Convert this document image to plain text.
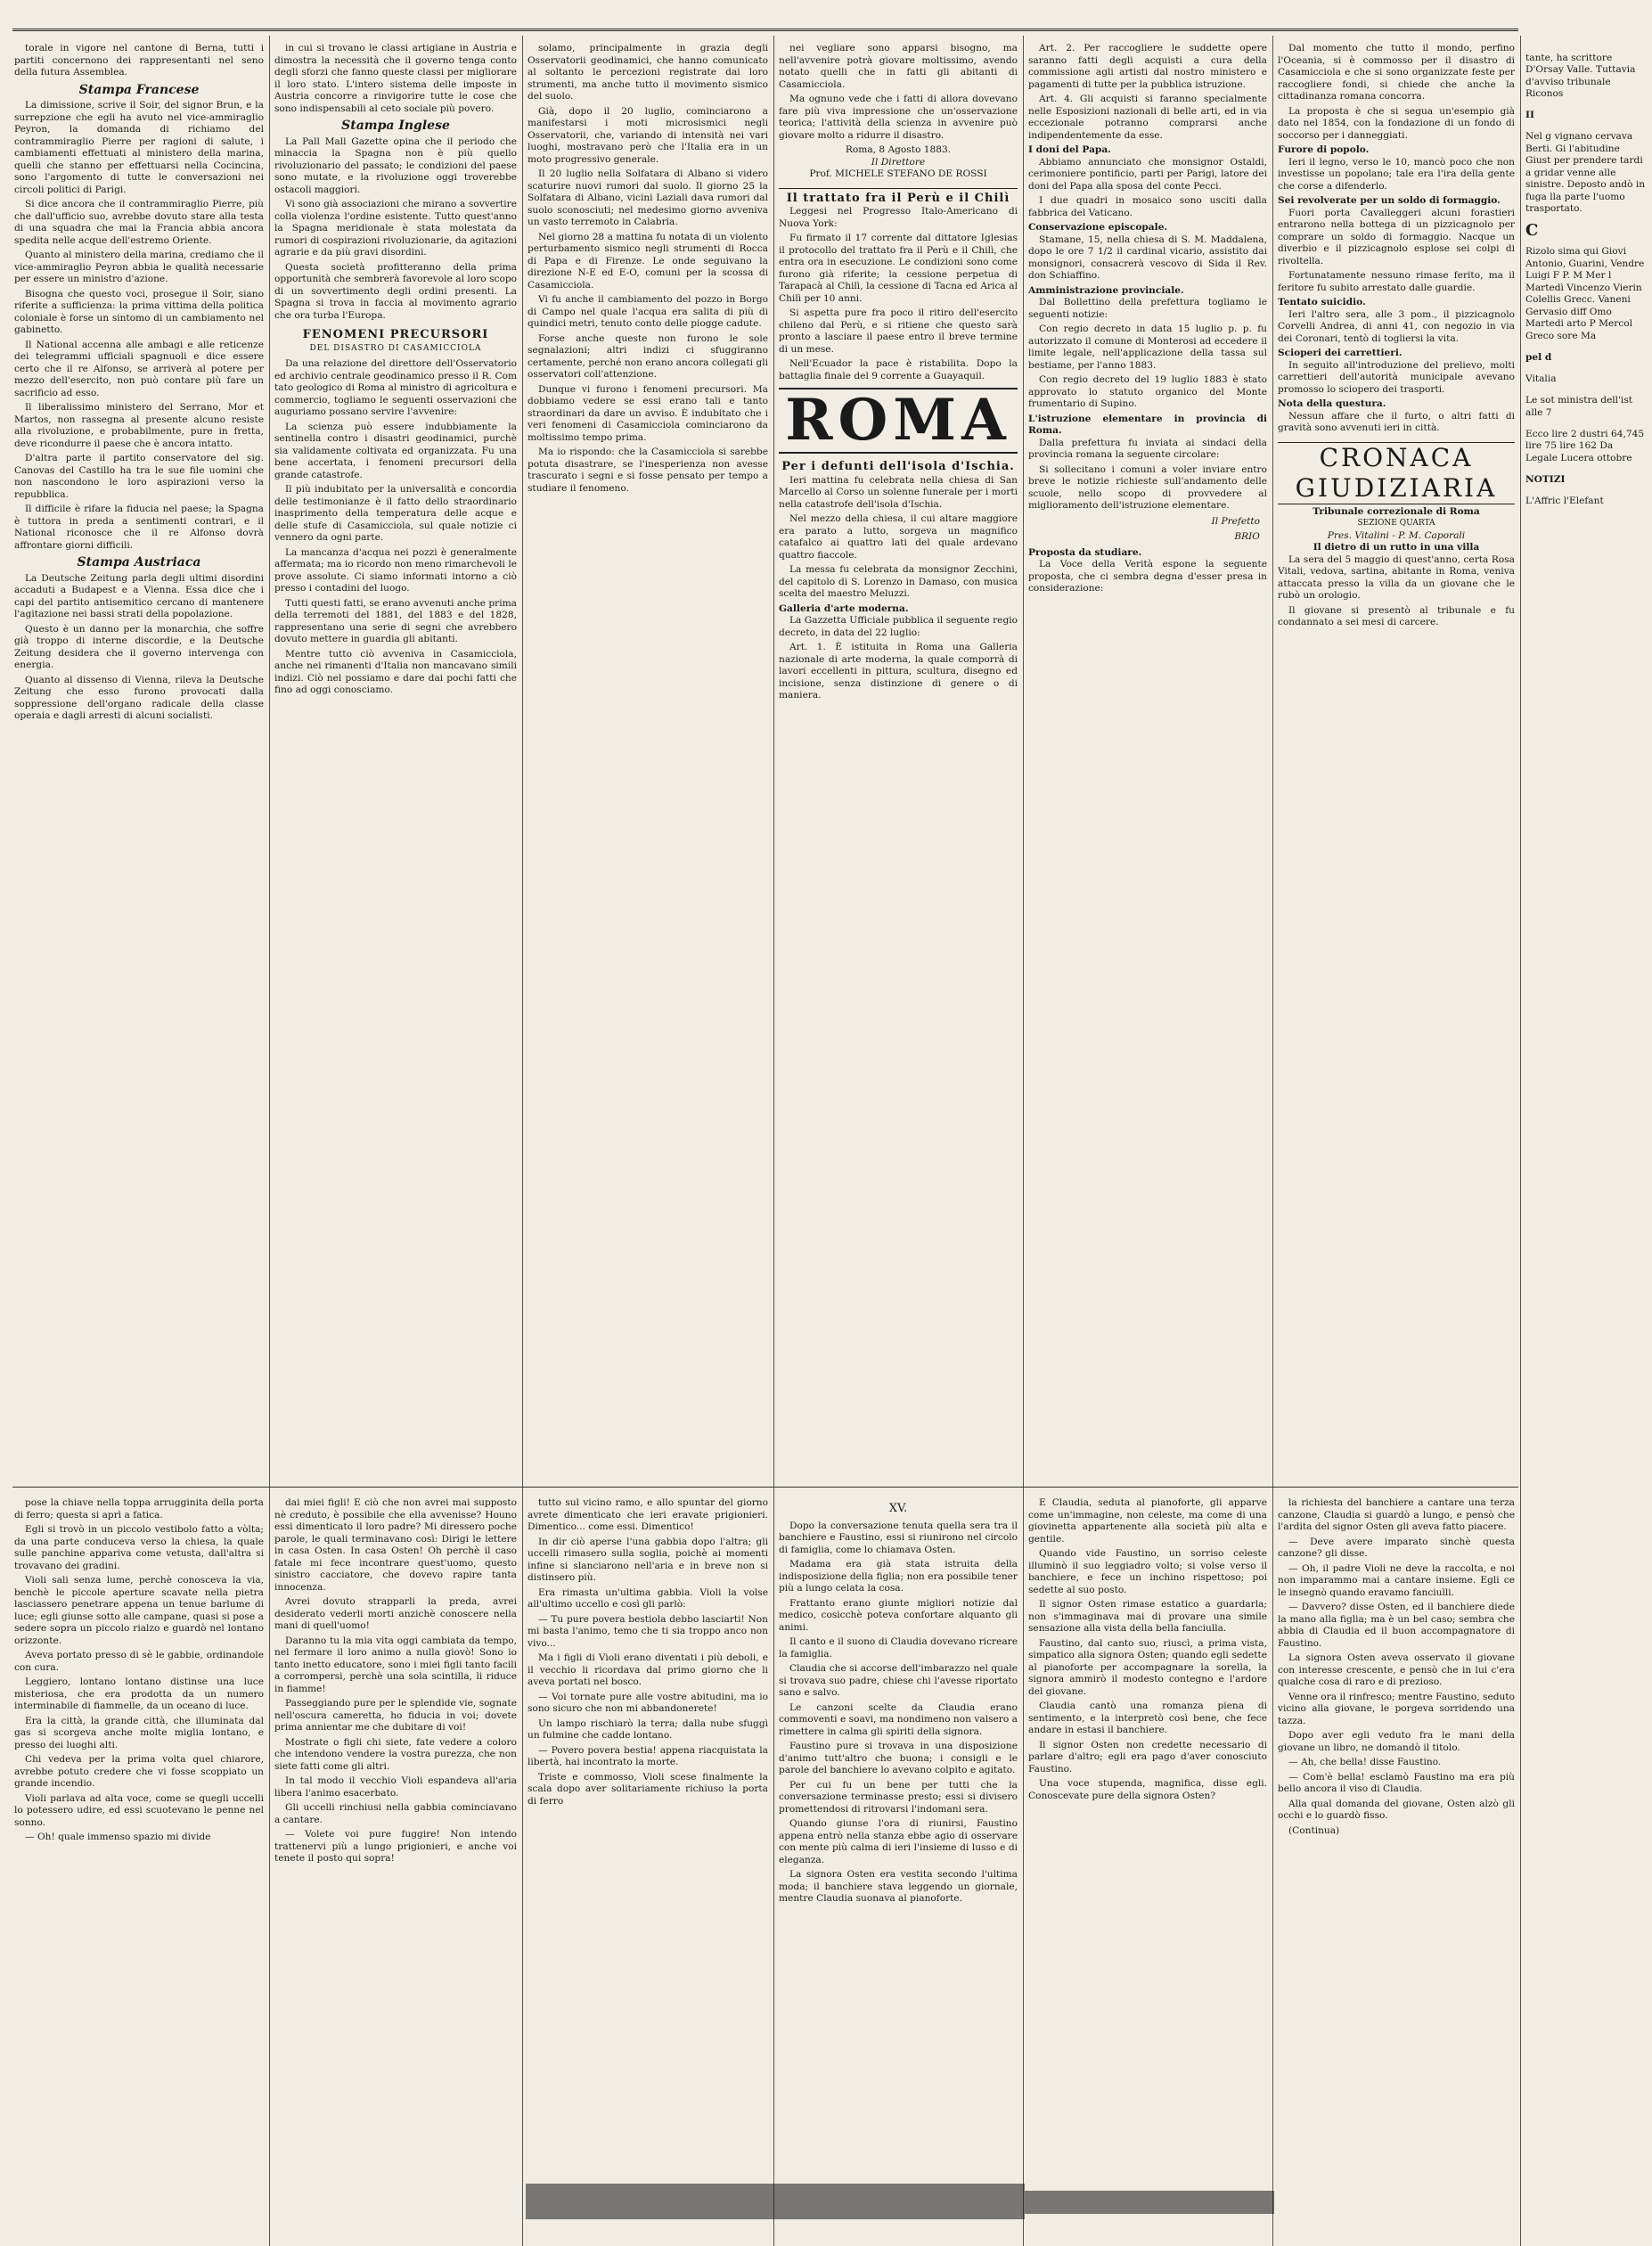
torale in vigore nel cantone di Berna, tutti i partiti concernono dei rappresentanti nel seno della futura Assemblea.

Stampa Francese

La dimissione, scrive il Soir, del signor Brun, e la surrepzione che egli ha avuto nel vice-ammiraglio Peyron, la domanda di richiamo del contrammiraglio Pierre per ragioni di salute, i cambiamenti effettuati al ministero della marina, quelli che stanno per effettuarsi nella Cocincina, sono l'argomento di tutte le conversazioni nei circoli politici di Parigi.

Si dice ancora che il contrammiraglio Pierre, più che dall'ufficio suo, avrebbe dovuto stare alla testa di una squadra che mai la Francia abbia ancora spedita nelle acque dell'estremo Oriente.

Quanto al ministero della marina, crediamo che il vice-ammiraglio Peyron abbia le qualità necessarie per essere un ministro d'azione.

Bisogna che questo voci, prosegue il Soir, siano riferite a sufficienza: la prima vittima della politica coloniale è forse un sintomo di un cambiamento nel gabinetto.

Il National accenna alle ambagi e alle reticenze dei telegrammi ufficiali spagnuoli e dice essere certo che il re Alfonso, se arriverà al potere per mezzo dell'esercito, non può contare più fare un sacrificio ad esso.

Il liberalissimo ministero del Serrano, Mor et Martos, non rassegna al presente alcuno resiste alla rivoluzione, e probabilmente, pure in fretta, deve ricondurre il paese che è ancora intatto.

D'altra parte il partito conservatore del sig. Canovas del Castillo ha tra le sue file uomini che non nascondono le loro aspirazioni verso la repubblica.

Il difficile è rifare la fiducia nel paese; la Spagna è tuttora in preda a sentimenti contrari, e il National riconosce che il re Alfonso dovrà affrontare giorni difficili.

Stampa Austriaca

La Deutsche Zeitung parla degli ultimi disordini accaduti a Budapest e a Vienna. Essa dice che i capi del partito antisemitico cercano di mantenere l'agitazione nei bassi strati della popolazione.

Questo è un danno per la monarchia, che soffre già troppo di interne discordie, e la Deutsche Zeitung desidera che il governo intervenga con energia.

Quanto al dissenso di Vienna, rileva la Deutsche Zeitung che esso furono provocati dalla soppressione dell'organo radicale della classe operaia e dagli arresti di alcuni socialisti.

in cui si trovano le classi artigiane in Austria e dimostra la necessità che il governo tenga conto degli sforzi che fanno queste classi per migliorare il loro stato. L'intero sistema delle imposte in Austria concorre a rinvigorire tutte le cose che sono indispensabili al ceto sociale più povero.

Stampa Inglese

La Pall Mall Gazette opina che il periodo che minaccia la Spagna non è più quello rivoluzionario del passato; le condizioni del paese sono mutate, e la rivoluzione oggi troverebbe ostacoli maggiori.

Vi sono già associazioni che mirano a sovvertire colla violenza l'ordine esistente. Tutto quest'anno la Spagna meridionale è stata molestata da rumori di cospirazioni rivoluzionarie, da agitazioni agrarie e da più gravi disordini.

Questa società profitteranno della prima opportunità che sembrerà favorevole al loro scopo di un sovvertimento degli ordini presenti. La Spagna si trova in faccia al movimento agrario che ora turba l'Europa.

FENOMENI PRECURSORI
DEL DISASTRO DI CASAMICCIOLA

Da una relazione del direttore dell'Osservatorio ed archivio centrale geodinamico presso il R. Com tato geologico di Roma al ministro di agricoltura e commercio, togliamo le seguenti osservazioni che auguriamo possano servire l'avvenire:

La scienza può essere indubbiamente la sentinella contro i disastri geodinamici, purchè sia validamente coltivata ed organizzata. Fu una bene accertata, i fenomeni precursori della grande catastrofe.

Il più indubitato per la universalità e concordia delle testimonianze è il fatto dello straordinario inasprimento della temperatura delle acque e delle stufe di Casamicciola, sul quale notizie ci vennero da ogni parte.

La mancanza d'acqua nei pozzi è generalmente affermata; ma io ricordo non meno rimarchevoli le prove assolute. Ci siamo informati intorno a ciò presso i contadini del luogo.

Tutti questi fatti, se erano avvenuti anche prima della terremoti del 1881, del 1883 e del 1828, rappresentano una serie di segni che avrebbero dovuto mettere in guardia gli abitanti.

Mentre tutto ciò avveniva in Casamicciola, anche nei rimanenti d'Italia non mancavano simili indizi. Ciò nel possiamo e dare dai pochi fatti che fino ad oggi conosciamo.

solamo, principalmente in grazia degli Osservatorii geodinamici, che hanno comunicato al soltanto le percezioni registrate dai loro strumenti, ma anche tutto il movimento sismico del suolo.

Già, dopo il 20 luglio, cominciarono a manifestarsi i moti microsismici negli Osservatorii, che, variando di intensità nei vari luoghi, mostravano però che l'Italia era in un moto progressivo generale.

Il 20 luglio nella Solfatara di Albano si videro scaturire nuovi rumori dal suolo. Il giorno 25 la Solfatara di Albano, vicini Laziali dava rumori dal suolo sconosciuti; nel medesimo giorno avveniva un vasto terremoto in Calabria.

Nel giorno 28 a mattina fu notata di un violento perturbamento sismico negli strumenti di Rocca di Papa e di Firenze. Le onde seguivano la direzione N-E ed E-O, comuni per la scossa di Casamicciola.

Vi fu anche il cambiamento del pozzo in Borgo di Campo nel quale l'acqua era salita di più di quindici metri, tenuto conto delle piogge cadute.

Forse anche queste non furono le sole segnalazioni; altri indizi ci sfuggiranno certamente, perché non erano ancora collegati gli osservatori coll'attenzione.

Dunque vi furono i fenomeni precursori. Ma dobbiamo vedere se essi erano tali e tanto straordinari da dare un avviso. È indubitato che i veri fenomeni di Casamicciola cominciarono da moltissimo tempo prima.

Ma io rispondo: che la Casamicciola si sarebbe potuta disastrare, se l'inesperienza non avesse trascurato i segni e si fosse pensato per tempo a studiare il fenomeno.

nei vegliare sono apparsi bisogno, ma nell'avvenire potrà giovare moltissimo, avendo notato quelli che in fatti gli abitanti di Casamicciola.

Ma ognuno vede che i fatti di allora dovevano fare più viva impressione che un'osservazione teorica; l'attività della scienza in avvenire può giovare molto a ridurre il disastro.

Roma, 8 Agosto 1883.
Il Direttore
Prof. MICHELE STEFANO DE ROSSI
Il trattato fra il Perù e il Chilì

Leggesi nel Progresso Italo-Americano di Nuova York:

Fu firmato il 17 corrente dal dittatore Iglesias il protocollo del trattato fra il Perù e il Chilì, che entra ora in esecuzione. Le condizioni sono come furono già riferite; la cessione perpetua di Tarapacà al Chilì, la cessione di Tacna ed Arica al Chilì per 10 anni.

Si aspetta pure fra poco il ritiro dell'esercito chileno dal Perù, e si ritiene che questo sarà pronto a lasciare il paese entro il breve termine di un mese.

Nell'Ecuador la pace è ristabilita. Dopo la battaglia finale del 9 corrente a Guayaquil.

ROMA
Per i defunti dell'isola d'Ischia.

Ieri mattina fu celebrata nella chiesa di San Marcello al Corso un solenne funerale per i morti nella catastrofe dell'isola d'Ischia.

Nel mezzo della chiesa, il cui altare maggiore era parato a lutto, sorgeva un magnifico catafalco ai quattro lati del quale ardevano quattro fiaccole.

La messa fu celebrata da monsignor Zecchini, del capitolo di S. Lorenzo in Damaso, con musica scelta del maestro Meluzzi.

Galleria d'arte moderna.

La Gazzetta Ufficiale pubblica il seguente regio decreto, in data del 22 luglio:

Art. 1. È istituita in Roma una Galleria nazionale di arte moderna, la quale comporrà di lavori eccellenti in pittura, scultura, disegno ed incisione, senza distinzione di genere o di maniera.

Art. 2. Per raccogliere le suddette opere saranno fatti degli acquisti a cura della commissione agli artisti dal nostro ministero e pagamenti di tutte per la pubblica istruzione.

Art. 4. Gli acquisti si faranno specialmente nelle Esposizioni nazionali di belle arti, ed in via eccezionale potranno comprarsi anche indipendentemente da esse.

I doni del Papa.

Abbiamo annunciato che monsignor Ostaldi, cerimoniere pontificio, parti per Parigi, latore dei doni del Papa alla sposa del conte Pecci.

I due quadri in mosaico sono usciti dalla fabbrica del Vaticano.

Conservazione episcopale.

Stamane, 15, nella chiesa di S. M. Maddalena, dopo le ore 7 1/2 il cardinal vicario, assistito dai monsignori, consacrerà vescovo di Sida il Rev. don Schiaffino.

Amministrazione provinciale.

Dal Bollettino della prefettura togliamo le seguenti notizie:

Con regio decreto in data 15 luglio p. p. fu autorizzato il comune di Monterosi ad eccedere il limite legale, nell'applicazione della tassa sul bestiame, per l'anno 1883.

Con regio decreto del 19 luglio 1883 è stato approvato lo statuto organico del Monte frumentario di Supino.

L'istruzione elementare in provincia di Roma.

Dalla prefettura fu inviata ai sindaci della provincia romana la seguente circolare:

Si sollecitano i comuni a voler inviare entro breve le notizie richieste sull'andamento delle scuole, nello scopo di provvedere al miglioramento dell'istruzione elementare.

Il Prefetto
BRIO
Proposta da studiare.

La Voce della Verità espone la seguente proposta, che ci sembra degna d'esser presa in considerazione:

Dal momento che tutto il mondo, perfino l'Oceania, si è commosso per il disastro di Casamicciola e che si sono organizzate feste per raccogliere fondi, si chiede che anche la cittadinanza romana concorra.

La proposta è che si segua un'esempio già dato nel 1854, con la fondazione di un fondo di soccorso per i danneggiati.

Furore di popolo.

Ieri il legno, verso le 10, mancò poco che non investisse un popolano; tale era l'ira della gente che corse a difenderlo.

Sei revolverate per un soldo di formaggio.

Fuori porta Cavalleggeri alcuni forastieri entrarono nella bottega di un pizzicagnolo per comprare un soldo di formaggio. Nacque un diverbio e il pizzicagnolo esplose sei colpi di rivoltella.

Fortunatamente nessuno rimase ferito, ma il feritore fu subito arrestato dalle guardie.

Tentato suicidio.

Ieri l'altro sera, alle 3 pom., il pizzicagnolo Corvelli Andrea, di anni 41, con negozio in via dei Coronari, tentò di togliersi la vita.

Scioperi dei carrettieri.

In seguito all'introduzione del prelievo, molti carrettieri dell'autorità municipale avevano promosso lo sciopero dei trasporti.

Nota della questura.

Nessun affare che il furto, o altri fatti di gravità sono avvenuti ieri in città.

CRONACA GIUDIZIARIA
Tribunale correzionale di Roma
SEZIONE QUARTA
Pres. Vitalini - P. M. Caporali
Il dietro di un rutto in una villa

La sera del 5 maggio di quest'anno, certa Rosa Vitali, vedova, sartina, abitante in Roma, veniva attaccata presso la villa da un giovane che le rubò un orologio.

Il giovane si presentò al tribunale e fu condannato a sei mesi di carcere.

tante, ha scrittore D'Orsay Valle. Tuttavia d'avviso tribunale Riconos

II

Nel g vignano cervava Berti. Gi l'abitudine Giust per prendere tardi a gridar venne alle sinistre. Deposto andò in fuga lla parte l'uomo trasportato.

C

Rizolo sima qui Giovi Antonio, Guarini, Vendre Luigi F P. M Mer l Martedì Vincenzo Vierin Colellis Grecc. Vaneni Gervasio diff Omo Martedi arto P Mercol Greco sore Ma

pel d

Vitalia

Le sot ministra dell'ist alle 7

Ecco lire 2 dustri 64,745 lire 75 lire 162 Da Legale Lucera ottobre

NOTIZI

L'Affric l'Elefant

pose la chiave nella toppa arrugginita della porta di ferro; questa si aprì a fatica.

Egli si trovò in un piccolo vestibolo fatto a vòlta; da una parte conduceva verso la chiesa, la quale sulle panchine appariva come vetusta, dall'altra si trovavano dei gradini.

Violi sali senza lume, perchè conosceva la via, benchè le piccole aperture scavate nella pietra lasciassero penetrare appena un tenue barlume di luce; egli giunse sotto alle campane, quasi si pose a sedere sopra un piccolo rialzo e guardò nel lontano orizzonte.

Aveva portato presso di sè le gabbie, ordinandole con cura.

Leggiero, lontano lontano distinse una luce misteriosa, che era prodotta da un numero interminabile di fiammelle, da un oceano di luce.

Era la città, la grande città, che illuminata dal gas si scorgeva anche molte miglia lontano, e presso dei luoghi alti.

Chi vedeva per la prima volta quel chiarore, avrebbe potuto credere che vi fosse scoppiato un grande incendio.

Violi parlava ad alta voce, come se quegli uccelli lo potessero udire, ed essi scuotevano le penne nel sonno.

— Oh! quale immenso spazio mi divide

dai miei figli! E ciò che non avrei mai supposto nè creduto, è possibile che ella avvenisse? Houno essi dimenticato il loro padre? Mi diressero poche parole, le quali terminavano così: Dirigi le lettere in casa Osten. In casa Osten! Oh perchè il caso fatale mi fece incontrare quest'uomo, questo sinistro cacciatore, che dovevo rapire tanta innocenza.

Avrei dovuto strapparli la preda, avrei desiderato vederli morti anzichè conoscere nella mani di quell'uomo!

Daranno tu la mia vita oggi cambiata da tempo, nel fermare il loro animo a nulla giovò! Sono io tanto inetto educatore, sono i miei figli tanto facili a corrompersi, perchè una sola scintilla, li riduce in fiamme!

Passeggiando pure per le splendide vie, sognate nell'oscura cameretta, ho fiducia in voi; dovete prima annientar me che dubitare di voi!

Mostrate o figli chi siete, fate vedere a coloro che intendono vendere la vostra purezza, che non siete fatti come gli altri.

In tal modo il vecchio Violi espandeva all'aria libera l'animo esacerbato.

Gli uccelli rinchiusi nella gabbia cominciavano a cantare.

— Volete voi pure fuggire! Non intendo trattenervi più a lungo prigionieri, e anche voi tenete il posto qui sopra!

tutto sul vicino ramo, e allo spuntar del giorno avrete dimenticato che ieri eravate prigionieri. Dimentico... come essi. Dimentico!

In dir ciò aperse l'una gabbia dopo l'altra; gli uccelli rimasero sulla soglia, poichè ai momenti infine si slanciarono nell'aria e in breve non si distinsero più.

Era rimasta un'ultima gabbia. Violi la volse all'ultimo uccello e così gli parlò:

— Tu pure povera bestiola debbo lasciarti! Non mi basta l'animo, temo che ti sia troppo anco non vivo...

Ma i figli di Violi erano diventati i più deboli, e il vecchio li ricordava dal primo giorno che li aveva portati nel bosco.

— Voi tornate pure alle vostre abitudini, ma io sono sicuro che non mi abbandonerete!

Un lampo rischiarò la terra; dalla nube sfuggì un fulmine che cadde lontano.

— Povero povera bestia! appena riacquistata la libertà, hai incontrato la morte.

Triste e commosso, Violi scese finalmente la scala dopo aver solitariamente richiuso la porta di ferro

XV.

Dopo la conversazione tenuta quella sera tra il banchiere e Faustino, essi si riunirono nel circolo di famiglia, come lo chiamava Osten.

Madama era già stata istruita della indisposizione della figlia; non era possibile tener più a lungo celata la cosa.

Frattanto erano giunte migliori notizie dal medico, cosicchè poteva confortare alquanto gli animi.

Il canto e il suono di Claudia dovevano ricreare la famiglia.

Claudia che si accorse dell'imbarazzo nel quale si trovava suo padre, chiese chi l'avesse riportato sano e salvo.

Le canzoni scelte da Claudia erano commoventi e soavi, ma nondimeno non valsero a rimettere in calma gli spiriti della signora.

Faustino pure si trovava in una disposizione d'animo tutt'altro che buona; i consigli e le parole del banchiere lo avevano colpito e agitato.

Per cui fu un bene per tutti che la conversazione terminasse presto; essi si divisero promettendosi di ritrovarsi l'indomani sera.

Quando giunse l'ora di riunirsi, Faustino appena entrò nella stanza ebbe agio di osservare con mente più calma di ieri l'insieme di lusso e di eleganza.

La signora Osten era vestita secondo l'ultima moda; il banchiere stava leggendo un giornale, mentre Claudia suonava al pianoforte.

E Claudia, seduta al pianoforte, gli apparve come un'immagine, non celeste, ma come di una giovinetta appartenente alla società più alta e gentile.

Quando vide Faustino, un sorriso celeste illuminò il suo leggiadro volto; si volse verso il banchiere, e fece un inchino rispettoso; poi sedette al suo posto.

Il signor Osten rimase estatico a guardarla; non s'immaginava mai di provare una simile sensazione alla vista della bella fanciulla.

Faustino, dal canto suo, riuscì, a prima vista, simpatico alla signora Osten; quando egli sedette al pianoforte per accompagnare la sorella, la signora ammirò il modesto contegno e l'ardore del giovane.

Claudia cantò una romanza piena di sentimento, e la interpretò così bene, che fece andare in estasi il banchiere.

Il signor Osten non credette necessario di parlare d'altro; egli era pago d'aver conosciuto Faustino.

Una voce stupenda, magnifica, disse egli. Conoscevate pure della signora Osten?

la richiesta del banchiere a cantare una terza canzone, Claudia si guardò a lungo, e pensò che l'ardita del signor Osten gli aveva fatto piacere.

— Deve avere imparato sinchè questa canzone? gli disse.

— Oh, il padre Violi ne deve la raccolta, e noi non imparammo mai a cantare insieme. Egli ce le insegnò quando eravamo fanciulli.

— Davvero? disse Osten, ed il banchiere diede la mano alla figlia; ma è un bel caso; sembra che abbia di Claudia ed il buon accompagnatore di Faustino.

La signora Osten aveva osservato il giovane con interesse crescente, e pensò che in lui c'era qualche cosa di raro e di prezioso.

Venne ora il rinfresco; mentre Faustino, seduto vicino alla giovane, le porgeva sorridendo una tazza.

Dopo aver egli veduto fra le mani della giovane un libro, ne domandò il titolo.

— Ah, che bella! disse Faustino.

— Com'è bella! esclamò Faustino ma era più bello ancora il viso di Claudia.

Alla qual domanda del giovane, Osten alzò gli occhi e lo guardò fisso.

(Continua)
